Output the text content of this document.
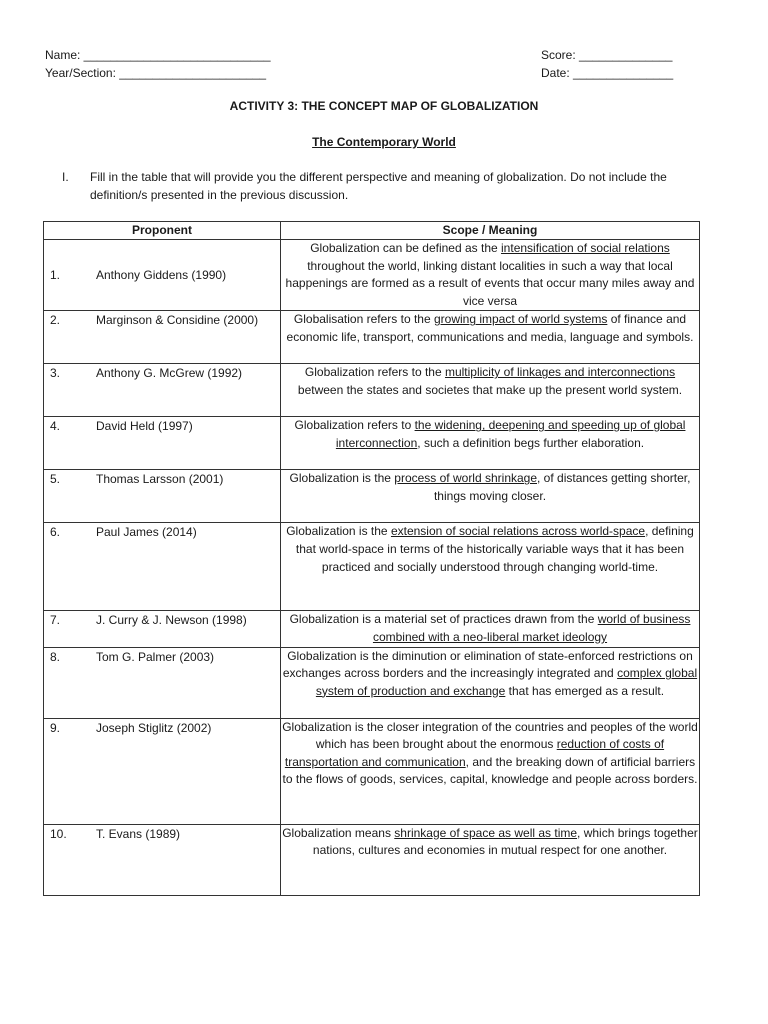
Name: ____________________________
Year/Section: ______________________
Score: ______________
Date: _______________
ACTIVITY 3: THE CONCEPT MAP OF GLOBALIZATION
The Contemporary World
I. Fill in the table that will provide you the different perspective and meaning of globalization. Do not include the definition/s presented in the previous discussion.
Proponent	Scope / Meaning

1. Anthony Giddens (1990)	Globalization can be defined as the intensification of social relations throughout the world, linking distant localities in such a way that local happenings are formed as a result of events that occur many miles away and vice versa

2. Marginson & Considine (2000)	Globalisation refers to the growing impact of world systems of finance and economic life, transport, communications and media, language and symbols.

3. Anthony G. McGrew (1992)	Globalization refers to the multiplicity of linkages and interconnections between the states and societes that make up the present world system.

4. David Held (1997)	Globalization refers to the widening, deepening and speeding up of global interconnection, such a definition begs further elaboration.

5. Thomas Larsson (2001)	Globalization is the process of world shrinkage, of distances getting shorter, things moving closer.

6. Paul James (2014)	Globalization is the extension of social relations across world-space, defining that world-space in terms of the historically variable ways that it has been practiced and socially understood through changing world-time.

7. J. Curry & J. Newson (1998)	Globalization is a material set of practices drawn from the world of business combined with a neo-liberal market ideology

8. Tom G. Palmer (2003)	Globalization is the diminution or elimination of state-enforced restrictions on exchanges across borders and the increasingly integrated and complex global system of production and exchange that has emerged as a result.

9. Joseph Stiglitz (2002)	Globalization is the closer integration of the countries and peoples of the world which has been brought about the enormous reduction of costs of transportation and communication, and the breaking down of artificial barriers to the flows of goods, services, capital, knowledge and people across borders.

10. T. Evans (1989)	Globalization means shrinkage of space as well as time, which brings together nations, cultures and economies in mutual respect for one another.
